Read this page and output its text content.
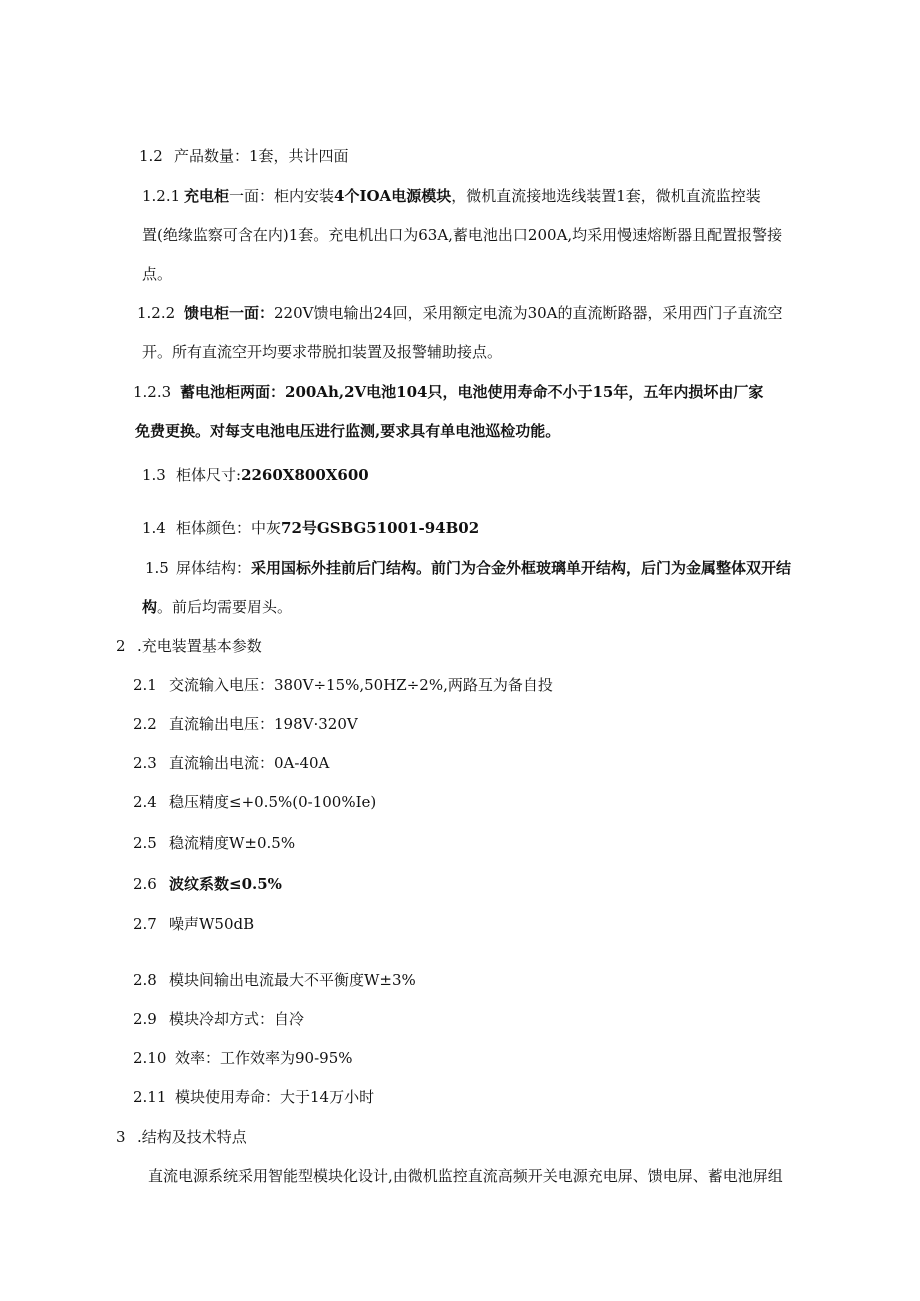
1.2 产品数量：1套，共计四面
1.2.1 充电柜一面：柜内安装4个IOA电源模块，微机直流接地选线装置1套，微机直流监控装
置(绝缘监察可含在内)1套。充电机出口为63A,蓄电池出口200A,均采用慢速熔断器且配置报警接
点。
1.2.2 馈电柜一面：220V馈电输出24回，采用额定电流为30A的直流断路器，采用西门子直流空
开。所有直流空开均要求带脱扣装置及报警辅助接点。
1.2.3 蓄电池柜两面：200Ah,2V电池104只，电池使用寿命不小于15年，五年内损坏由厂家
免费更换。对每支电池电压进行监测,要求具有单电池巡检功能。
1.3 柜体尺寸:2260X800X600
1.4 柜体颜色：中灰72号GSBG51001-94B02
1.5 屏体结构：采用国标外挂前后门结构。前门为合金外框玻璃单开结构，后门为金属整体双开结
构。前后均需要眉头。
2 .充电装置基本参数
2.1 交流输入电压：380V÷15%,50HZ÷2%,两路互为备自投
2.2 直流输出电压：198V·320V
2.3 直流输出电流：0A-40A
2.4 稳压精度≤+0.5%(0-100%Ie)
2.5 稳流精度W±0.5%
2.6 波纹系数≤0.5%
2.7 噪声W50dB
2.8 模块间输出电流最大不平衡度W±3%
2.9 模块冷却方式：自冷
2.10 效率：工作效率为90-95%
2.11 模块使用寿命：大于14万小时
3 .结构及技术特点
直流电源系统采用智能型模块化设计,由微机监控直流高频开关电源充电屏、馈电屏、蓄电池屏组
